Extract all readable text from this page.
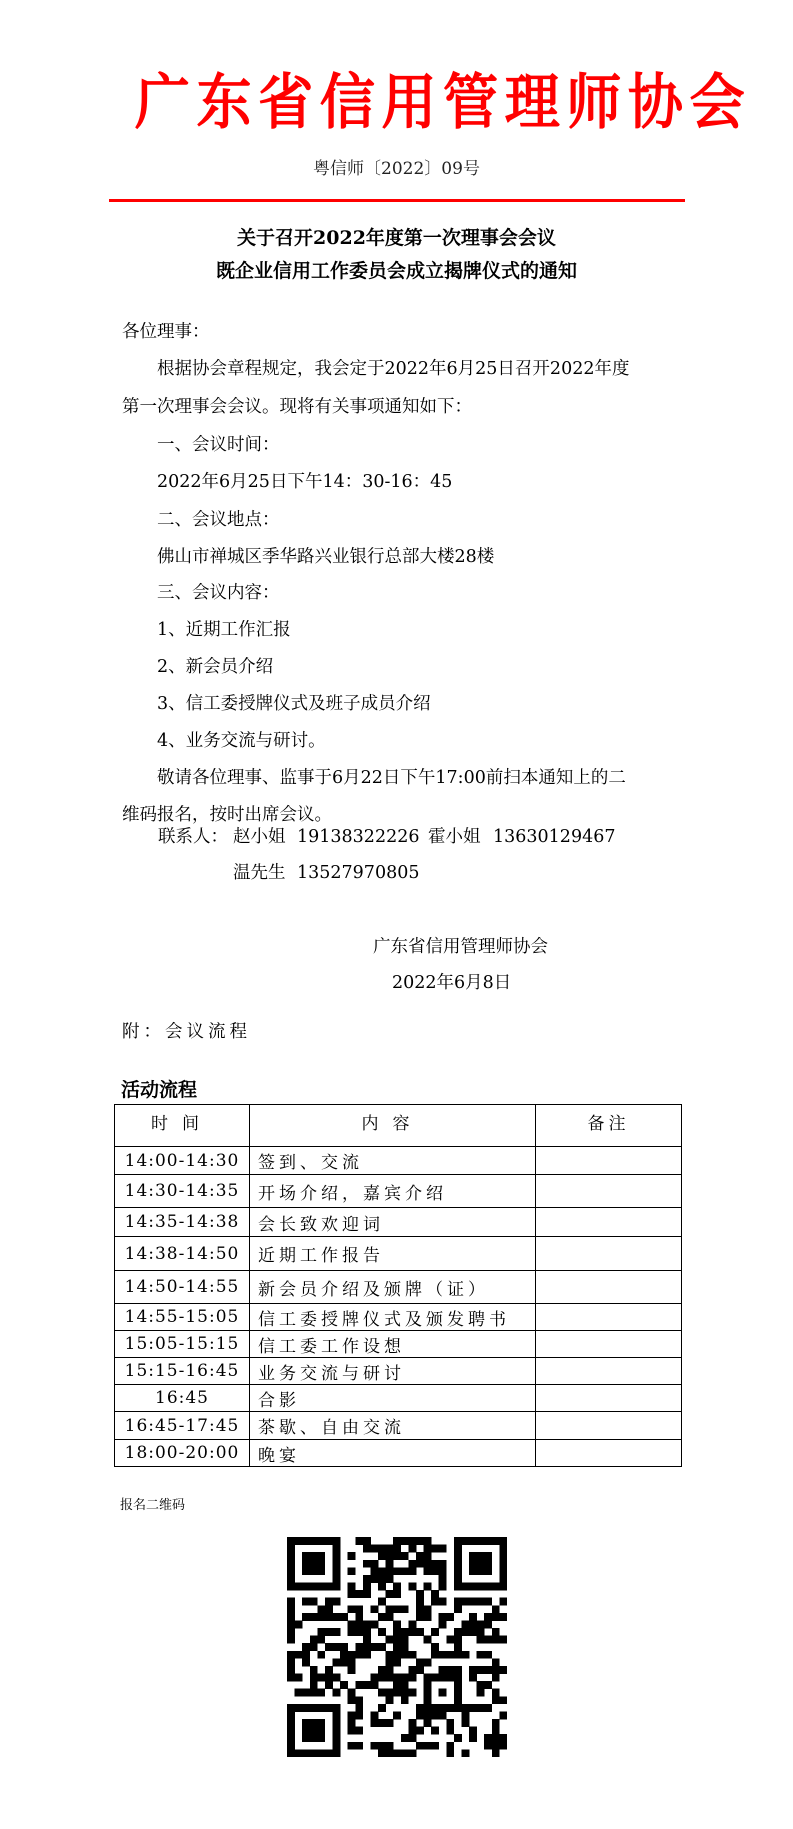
广东省信用管理师协会
粤信师〔2022〕09号
关于召开2022年度第一次理事会会议
既企业信用工作委员会成立揭牌仪式的通知
各位理事：
根据协会章程规定，我会定于2022年6月25日召开2022年度
第一次理事会会议。现将有关事项通知如下：
一、会议时间：
2022年6月25日下午14：30-16：45
二、会议地点：
佛山市禅城区季华路兴业银行总部大楼28楼
三、会议内容：
1、近期工作汇报
2、新会员介绍
3、信工委授牌仪式及班子成员介绍
4、业务交流与研讨。
敬请各位理事、监事于6月22日下午17:00前扫本通知上的二
维码报名，按时出席会议。
联系人： 赵小姐 19138322226 霍小姐 13630129467
温先生 13527970805
广东省信用管理师协会
2022年6月8日
附：会议流程
活动流程
时间	内容	备注
14:00-14:30	签到、交流	
14:30-14:35	开场介绍，嘉宾介绍	
14:35-14:38	会长致欢迎词	
14:38-14:50	近期工作报告	
14:50-14:55	新会员介绍及颁牌（证）	
14:55-15:05	信工委授牌仪式及颁发聘书	
15:05-15:15	信工委工作设想	
15:15-16:45	业务交流与研讨	
16:45	合影	
16:45-17:45	茶歇、自由交流	
18:00-20:00	晚宴	
报名二维码
